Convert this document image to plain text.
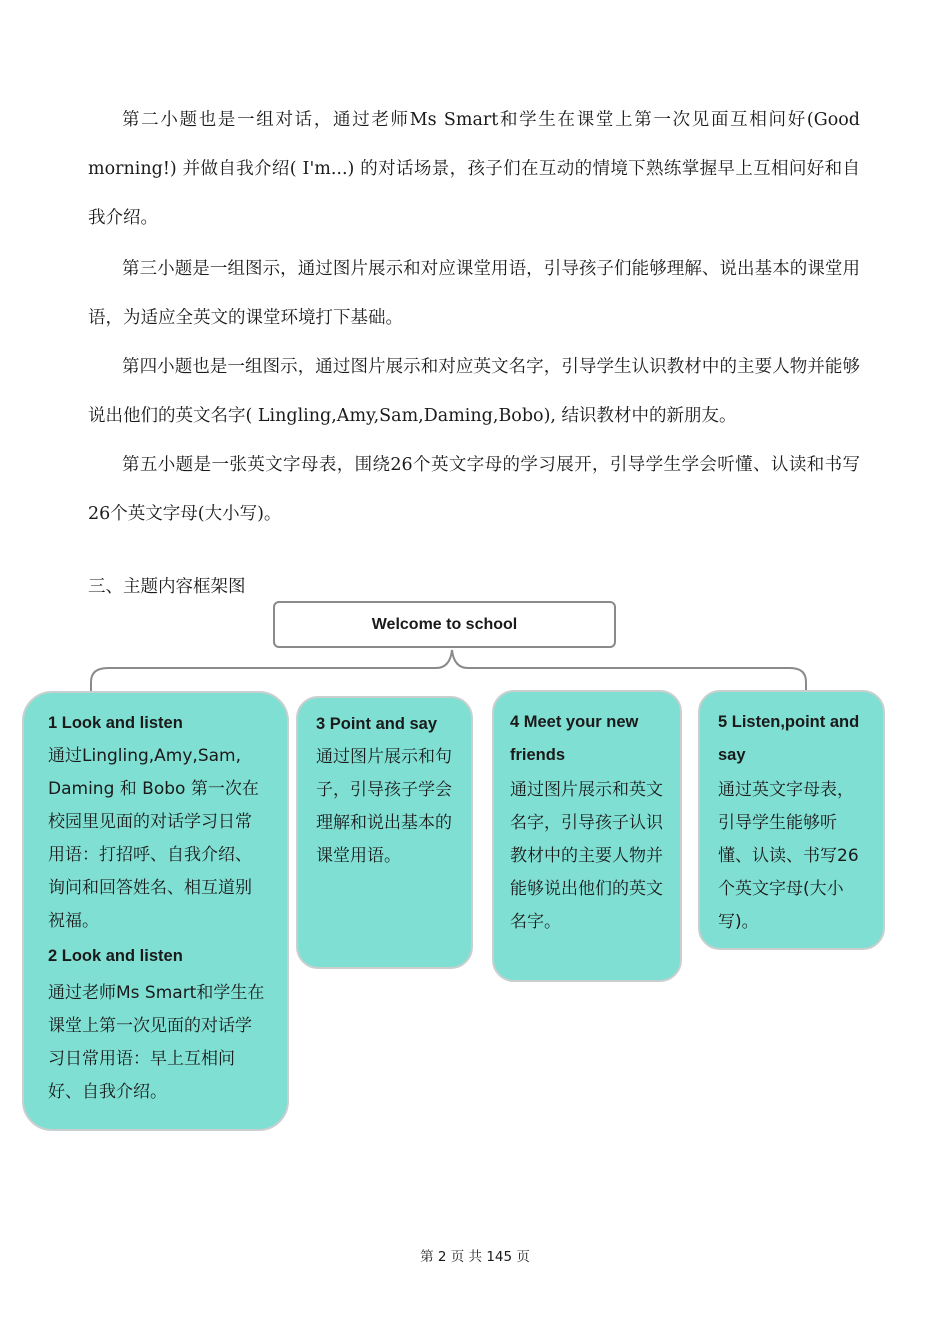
第二小题也是一组对话，通过老师Ms Smart和学生在课堂上第一次见面互相问好(Good morning!) 并做自我介绍( I'm...) 的对话场景，孩子们在互动的情境下熟练掌握早上互相问好和自我介绍。

第三小题是一组图示，通过图片展示和对应课堂用语，引导孩子们能够理解、说出基本的课堂用语，为适应全英文的课堂环境打下基础。

第四小题也是一组图示，通过图片展示和对应英文名字，引导学生认识教材中的主要人物并能够说出他们的英文名字( Lingling,Amy,Sam,Daming,Bobo), 结识教材中的新朋友。

第五小题是一张英文字母表，围绕26个英文字母的学习展开，引导学生学会听懂、认读和书写26个英文字母(大小写)。

三、主题内容框架图

Welcome to school
1 Look and listen

通过Lingling,Amy,Sam, Daming 和 Bobo 第一次在校园里见面的对话学习日常用语：打招呼、自我介绍、询问和回答姓名、相互道别祝福。

2 Look and listen

通过老师Ms Smart和学生在课堂上第一次见面的对话学习日常用语：早上互相问好、自我介绍。

3 Point and say

通过图片展示和句子，引导孩子学会理解和说出基本的课堂用语。

4 Meet your new friends

通过图片展示和英文名字，引导孩子认识教材中的主要人物并能够说出他们的英文名字。

5 Listen,point and say

通过英文字母表，引导学生能够听懂、认读、书写26个英文字母(大小写)。

第 2 页 共 145 页
